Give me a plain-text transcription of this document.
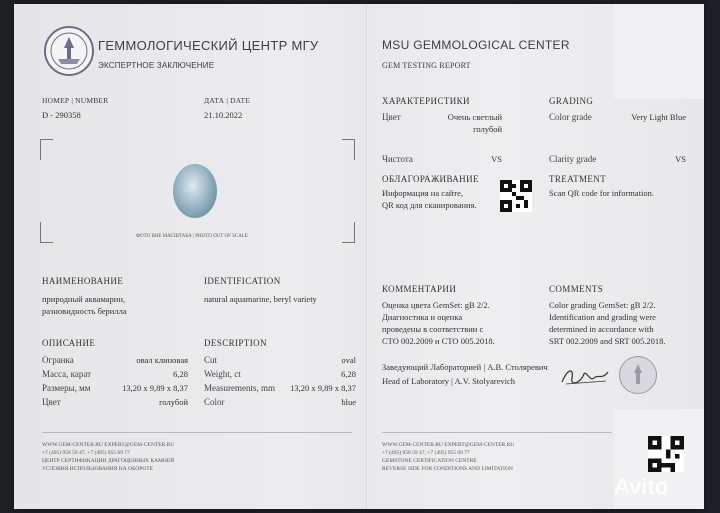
ГЕММОЛОГИЧЕСКИЙ ЦЕНТР МГУ
ЭКСПЕРТНОЕ ЗАКЛЮЧЕНИЕ
НОМЕР | NUMBER
D - 290358
ДАТА | DATE
21.10.2022
ФОТО ВНЕ МАСШТАБА | PHOTO OUT OF SCALE
НАИМЕНОВАНИЕ
природный аквамарин,
разновидность берилла
IDENTIFICATION
natural aquamarine, beryl variety
ОПИСАНИЕ	DESCRIPTION
Огранка	овал клиновая
Масса, карат	6,28
Размеры, мм	13,20 x 9,89 x 8,37
Цвет	голубой
Cut	oval
Weight, ct	6,28
Measurements, mm	13,20 x 9,89 x 8,37
Color	blue
WWW.GEM-CENTER.RU EXPERT@GEM-CENTER.RU
+7 (495) 958 59 47, +7 (495) 955 69 77
ЦЕНТР СЕРТИФИКАЦИИ ДРАГОЦЕННЫХ КАМНЕЙ
УСЛОВИЯ ИСПОЛЬЗОВАНИЯ НА ОБОРОТЕ
MSU GEMMOLOGICAL CENTER
GEM TESTING REPORT
ХАРАКТЕРИСТИКИ	GRADING
Цвет	Очень светлый
голубой
Color grade	Very Light Blue
Чистота	VS	Clarity grade	VS
ОБЛАГОРАЖИВАНИЕ
Информация на сайте,
QR код для сканирования.
TREATMENT
Scan QR code for information.
КОММЕНТАРИИ
Оценка цвета GemSet: gB 2/2.
Диагностика и оценка
проведены в соответствии с
СТО 002.2009 и СТО 005.2018.
COMMENTS
Color grading GemSet: gB 2/2.
Identification and grading were
determined in accordance with
SRT 002.2009 and SRT 005.2018.
Заведующий Лабораторией | А.В. Столяревич
Head of Laboratory | A.V. Stolyarevich
WWW.GEM-CENTER.RU EXPERT@GEM-CENTER.RU
+7 (495) 958 59 47, +7 (495) 955 69 77
GEMSTONE CERTIFICATION CENTRE
REVERSE SIDE FOR CONDITIONS AND LIMITATION
Avito
